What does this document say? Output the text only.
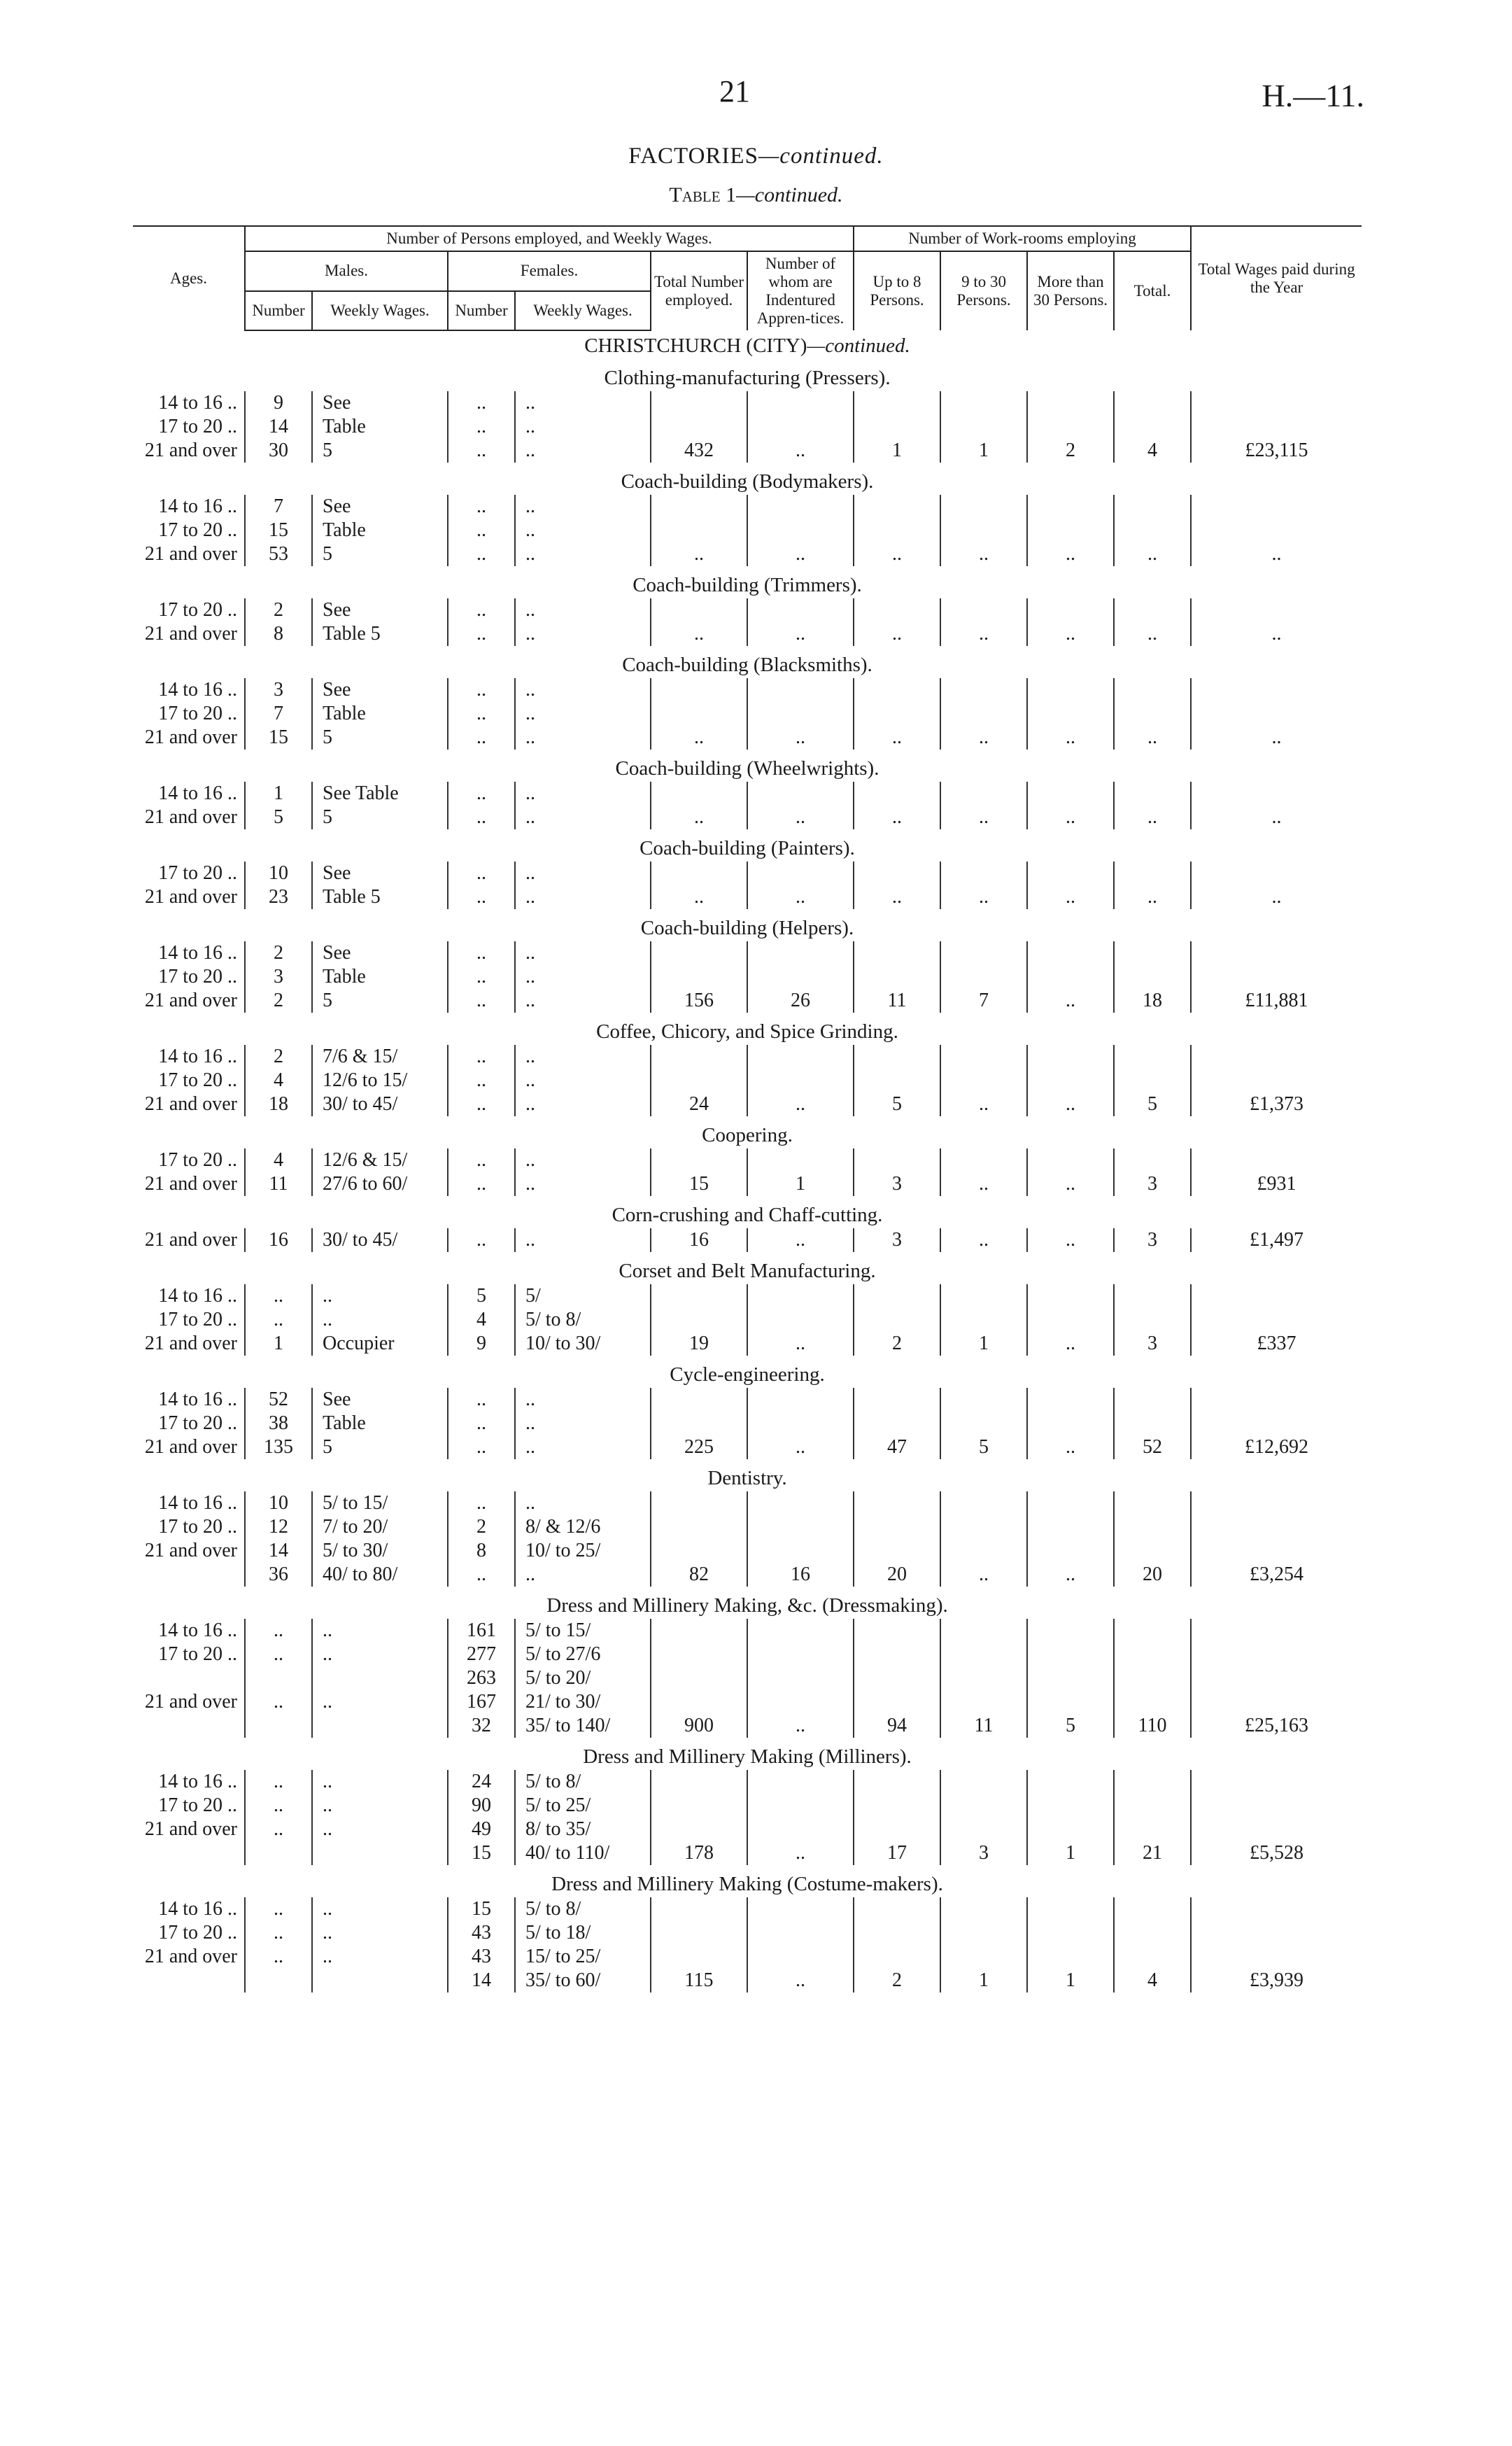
21	H.—11.
FACTORIES—continued.
Table 1—continued.
Ages.	Number of Persons employed, and Weekly Wages.						Number of Work-rooms employing				Total Wages paid during the Year
	Males.		Females.		Total Number employed.	Number of whom are Indentured Appren-tices.	Up to 8 Persons.	9 to 30 Persons.	More than 30 Persons.	Total.	
	Number	Weekly Wages.	Number	Weekly Wages.							
CHRISTCHURCH (CITY)—continued.											
Clothing-manufacturing (Pressers).											
14 to 16 ..	9	See	..	..							
17 to 20 ..	14	Table	..	..							
21 and over	30	5	..	..	432	..	1	1	2	4	£23,115
Coach-building (Bodymakers).											
14 to 16 ..	7	See	..	..							
17 to 20 ..	15	Table	..	..							
21 and over	53	5	..	..	..	..	..	..	..	..	..
Coach-building (Trimmers).											
17 to 20 ..	2	See	..	..							
21 and over	8	Table 5	..	..	..	..	..	..	..	..	..
Coach-building (Blacksmiths).											
14 to 16 ..	3	See	..	..							
17 to 20 ..	7	Table	..	..							
21 and over	15	5	..	..	..	..	..	..	..	..	..
Coach-building (Wheelwrights).											
14 to 16 ..	1	See Table	..	..							
21 and over	5	5	..	..	..	..	..	..	..	..	..
Coach-building (Painters).											
17 to 20 ..	10	See	..	..							
21 and over	23	Table 5	..	..	..	..	..	..	..	..	..
Coach-building (Helpers).											
14 to 16 ..	2	See	..	..							
17 to 20 ..	3	Table	..	..							
21 and over	2	5	..	..	156	26	11	7	..	18	£11,881
Coffee, Chicory, and Spice Grinding.											
14 to 16 ..	2	7/6 & 15/	..	..							
17 to 20 ..	4	12/6 to 15/	..	..							
21 and over	18	30/ to 45/	..	..	24	..	5	..	..	5	£1,373
Coopering.											
17 to 20 ..	4	12/6 & 15/	..	..							
21 and over	11	27/6 to 60/	..	..	15	1	3	..	..	3	£931
Corn-crushing and Chaff-cutting.											
21 and over	16	30/ to 45/	..	..	16	..	3	..	..	3	£1,497
Corset and Belt Manufacturing.											
14 to 16 ..	..	..	5	5/							
17 to 20 ..	..	..	4	5/ to 8/							
21 and over	1	Occupier	9	10/ to 30/	19	..	2	1	..	3	£337
Cycle-engineering.											
14 to 16 ..	52	See	..	..							
17 to 20 ..	38	Table	..	..							
21 and over	135	5	..	..	225	..	47	5	..	52	£12,692
Dentistry.											
14 to 16 ..	10	5/ to 15/	..	..							
17 to 20 ..	12	7/ to 20/	2	8/ & 12/6							
21 and over	14	5/ to 30/	8	10/ to 25/							
	36	40/ to 80/	..	..	82	16	20	..	..	20	£3,254
Dress and Millinery Making, &c. (Dressmaking).											
14 to 16 ..	..	..	161	5/ to 15/							
17 to 20 ..	..	..	277	5/ to 27/6							
			263	5/ to 20/							
21 and over	..	..	167	21/ to 30/							
			32	35/ to 140/	900	..	94	11	5	110	£25,163
Dress and Millinery Making (Milliners).											
14 to 16 ..	..	..	24	5/ to 8/							
17 to 20 ..	..	..	90	5/ to 25/							
21 and over	..	..	49	8/ to 35/							
			15	40/ to 110/	178	..	17	3	1	21	£5,528
Dress and Millinery Making (Costume-makers).											
14 to 16 ..	..	..	15	5/ to 8/							
17 to 20 ..	..	..	43	5/ to 18/							
21 and over	..	..	43	15/ to 25/							
			14	35/ to 60/	115	..	2	1	1	4	£3,939
